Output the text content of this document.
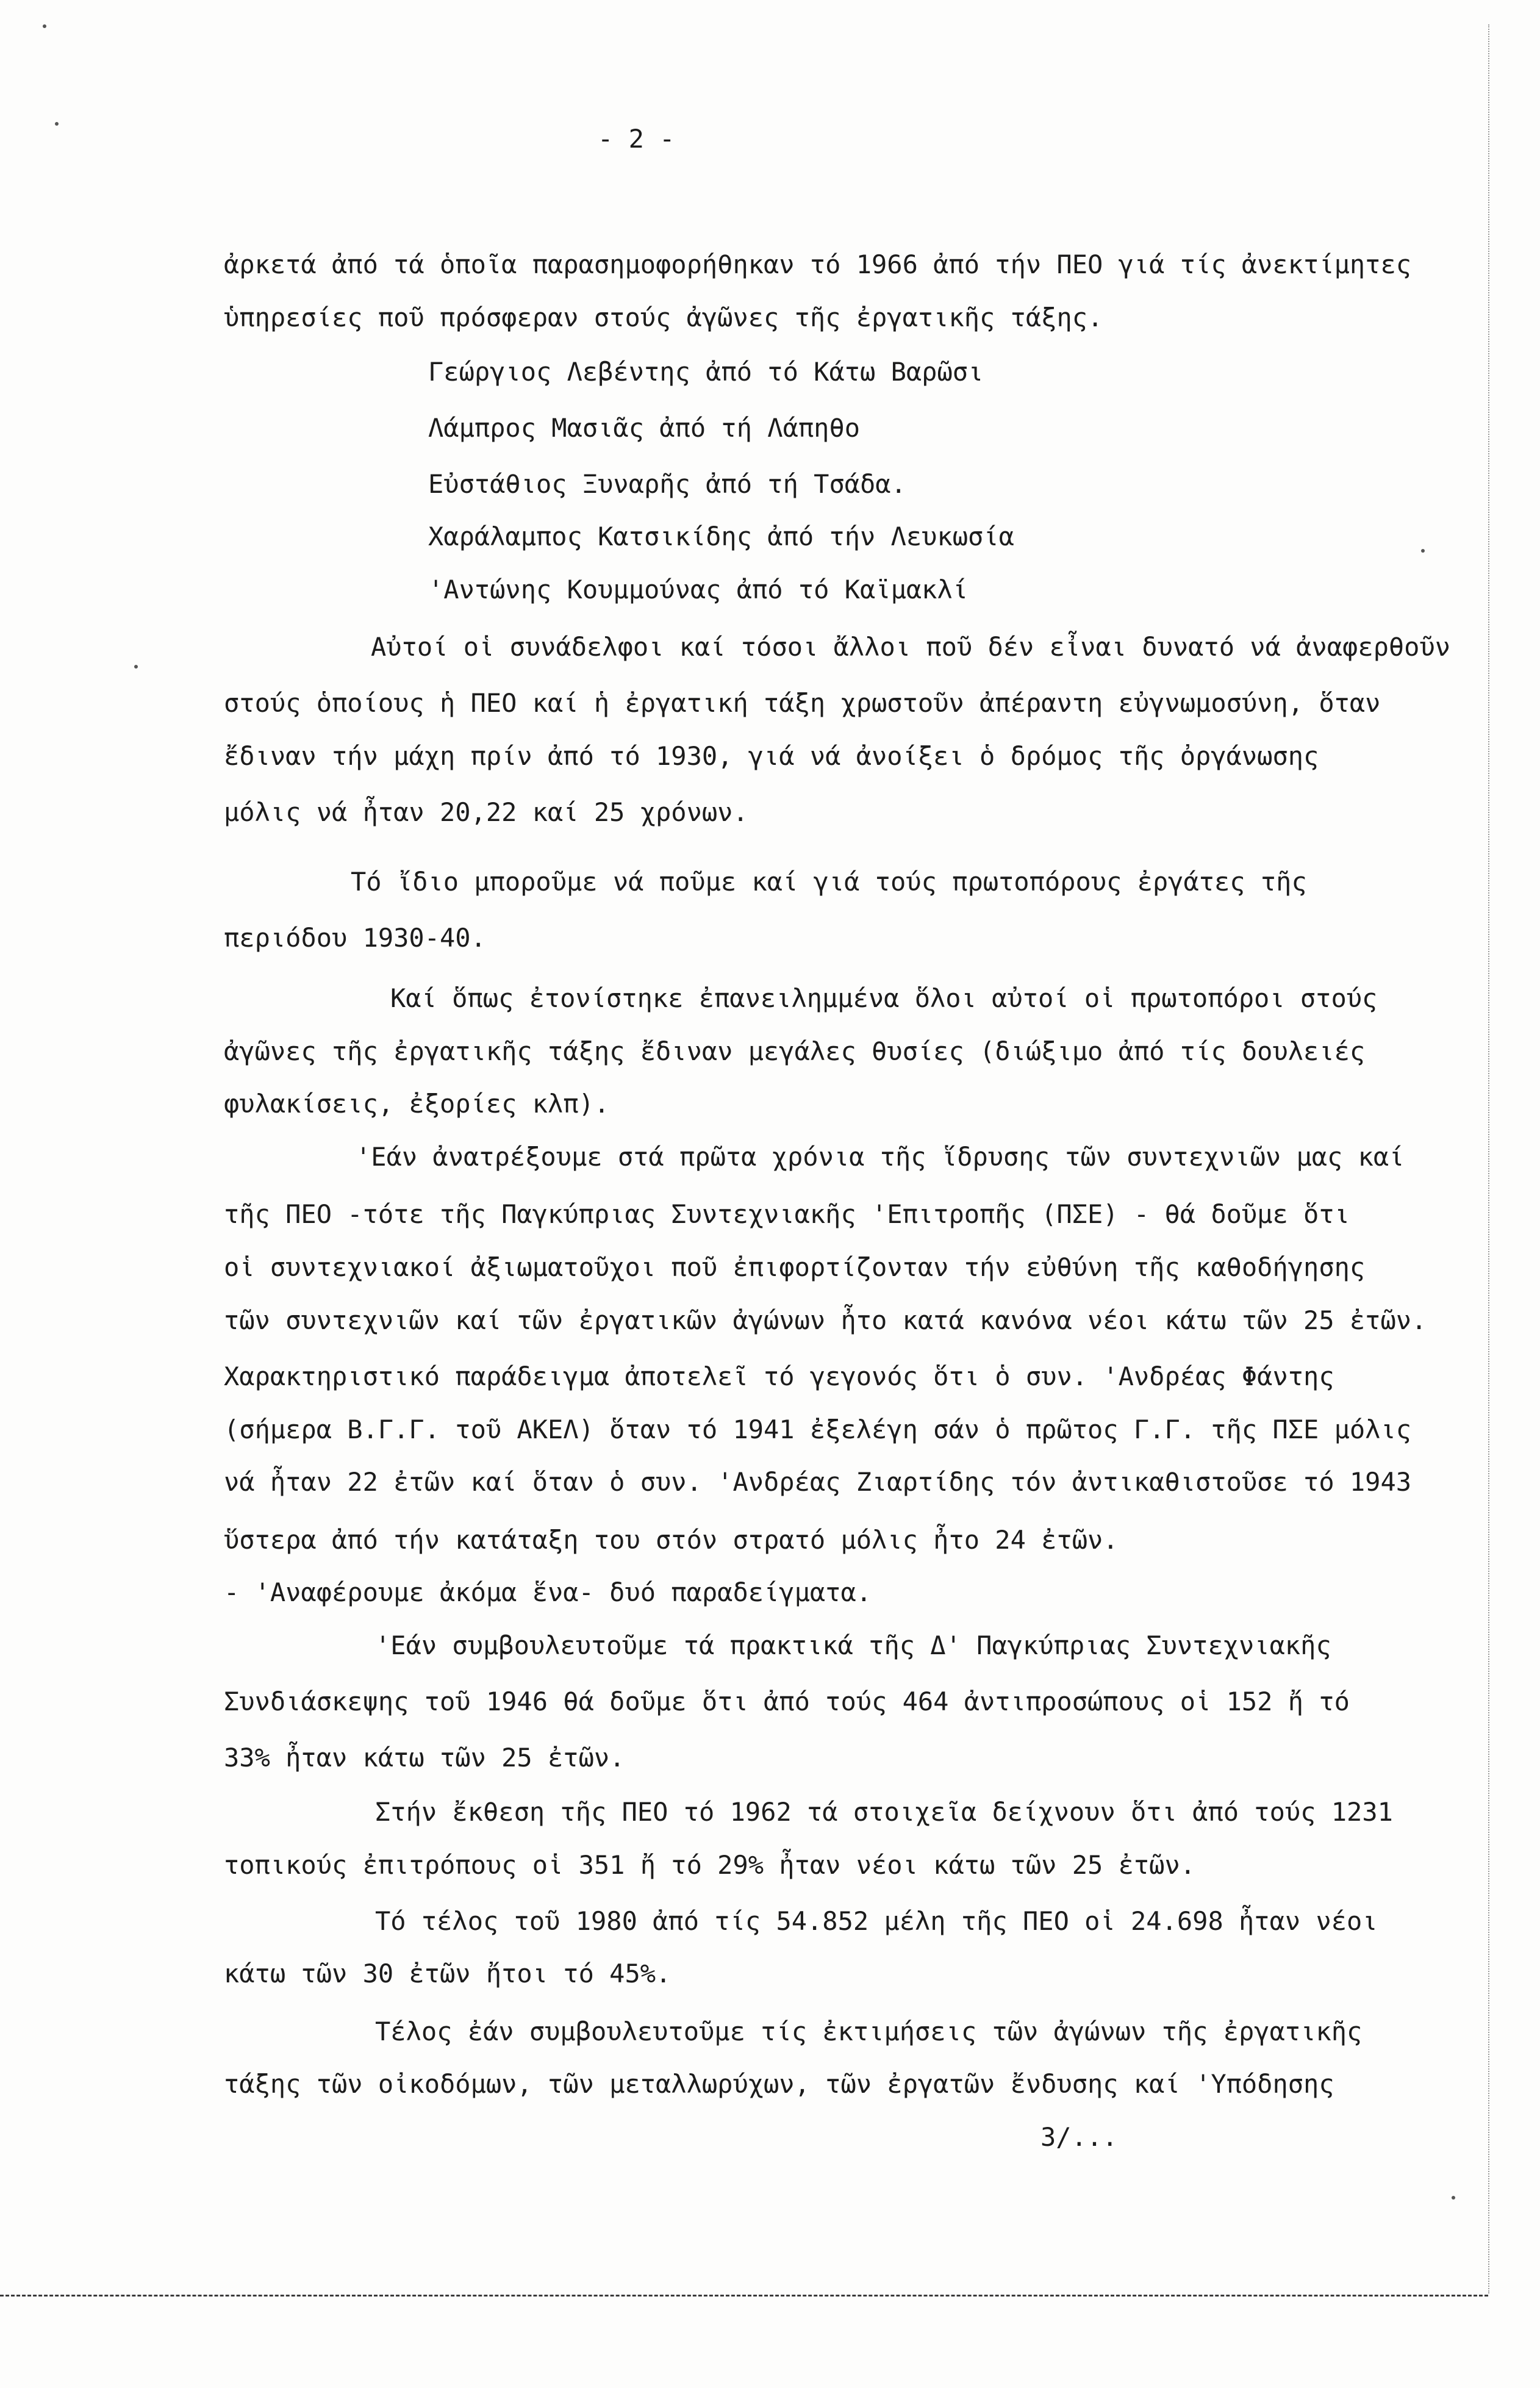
- 2 -
ἀρκετά ἀπό τά ὁποῖα παρασημοφορήθηκαν τό 1966 ἀπό τήν ΠΕΟ γιά τίς ἀνεκτίμητες
ὑπηρεσίες ποῦ πρόσφεραν στούς ἀγῶνες τῆς ἐργατικῆς τάξης.
Γεώργιος Λεβέντης ἀπό τό Κάτω Βαρῶσι
Λάμπρος Μασιᾶς ἀπό τή Λάπηθο
Εὐστάθιος Ξυναρῆς ἀπό τή Τσάδα.
Χαράλαμπος Κατσικίδης ἀπό τήν Λευκωσία
'Αντώνης Κουμμούνας ἀπό τό Καϊμακλί
Αὐτοί οἱ συνάδελφοι καί τόσοι ἄλλοι ποῦ δέν εἶναι δυνατό νά ἀναφερθοῦν
στούς ὁποίους ἡ ΠΕΟ καί ἡ ἐργατική τάξη χρωστοῦν ἀπέραντη εὐγνωμοσύνη, ὅταν
ἔδιναν τήν μάχη πρίν ἀπό τό 1930, γιά νά ἀνοίξει ὁ δρόμος τῆς ὀργάνωσης
μόλις νά ἦταν 20,22 καί 25 χρόνων.
Τό ἴδιο μποροῦμε νά ποῦμε καί γιά τούς πρωτοπόρους ἐργάτες τῆς
περιόδου 1930-40.
Καί ὅπως ἐτονίστηκε ἐπανειλημμένα ὅλοι αὐτοί οἱ πρωτοπόροι στούς
ἀγῶνες τῆς ἐργατικῆς τάξης ἔδιναν μεγάλες θυσίες (διώξιμο ἀπό τίς δουλειές
φυλακίσεις, ἐξορίες κλπ).
'Εάν ἀνατρέξουμε στά πρῶτα χρόνια τῆς ἵδρυσης τῶν συντεχνιῶν μας καί
τῆς ΠΕΟ -τότε τῆς Παγκύπριας Συντεχνιακῆς 'Επιτροπῆς (ΠΣΕ) - θά δοῦμε ὅτι
οἱ συντεχνιακοί ἀξιωματοῦχοι ποῦ ἐπιφορτίζονταν τήν εὐθύνη τῆς καθοδήγησης
τῶν συντεχνιῶν καί τῶν ἐργατικῶν ἀγώνων ἦτο κατά κανόνα νέοι κάτω τῶν 25 ἐτῶν.
Χαρακτηριστικό παράδειγμα ἀποτελεῖ τό γεγονός ὅτι ὁ συν. 'Ανδρέας Φάντης
(σήμερα Β.Γ.Γ. τοῦ ΑΚΕΛ) ὅταν τό 1941 ἐξελέγη σάν ὁ πρῶτος Γ.Γ. τῆς ΠΣΕ μόλις
νά ἦταν 22 ἐτῶν καί ὅταν ὁ συν. 'Ανδρέας Ζιαρτίδης τόν ἀντικαθιστοῦσε τό 1943
ὕστερα ἀπό τήν κατάταξη του στόν στρατό μόλις ἦτο 24 ἐτῶν.
- 'Αναφέρουμε ἀκόμα ἕνα- δυό παραδείγματα.
'Εάν συμβουλευτοῦμε τά πρακτικά τῆς Δ' Παγκύπριας Συντεχνιακῆς
Συνδιάσκεψης τοῦ 1946 θά δοῦμε ὅτι ἀπό τούς 464 ἀντιπροσώπους οἱ 152 ἤ τό
33% ἦταν κάτω τῶν 25 ἐτῶν.
Στήν ἔκθεση τῆς ΠΕΟ τό 1962 τά στοιχεῖα δείχνουν ὅτι ἀπό τούς 1231
τοπικούς ἐπιτρόπους οἱ 351 ἤ τό 29% ἦταν νέοι κάτω τῶν 25 ἐτῶν.
Τό τέλος τοῦ 1980 ἀπό τίς 54.852 μέλη τῆς ΠΕΟ οἱ 24.698 ἦταν νέοι
κάτω τῶν 30 ἐτῶν ἤτοι τό 45%.
Τέλος ἐάν συμβουλευτοῦμε τίς ἐκτιμήσεις τῶν ἀγώνων τῆς ἐργατικῆς
τάξης τῶν οἰκοδόμων, τῶν μεταλλωρύχων, τῶν ἐργατῶν ἔνδυσης καί 'Υπόδησης
3/...
